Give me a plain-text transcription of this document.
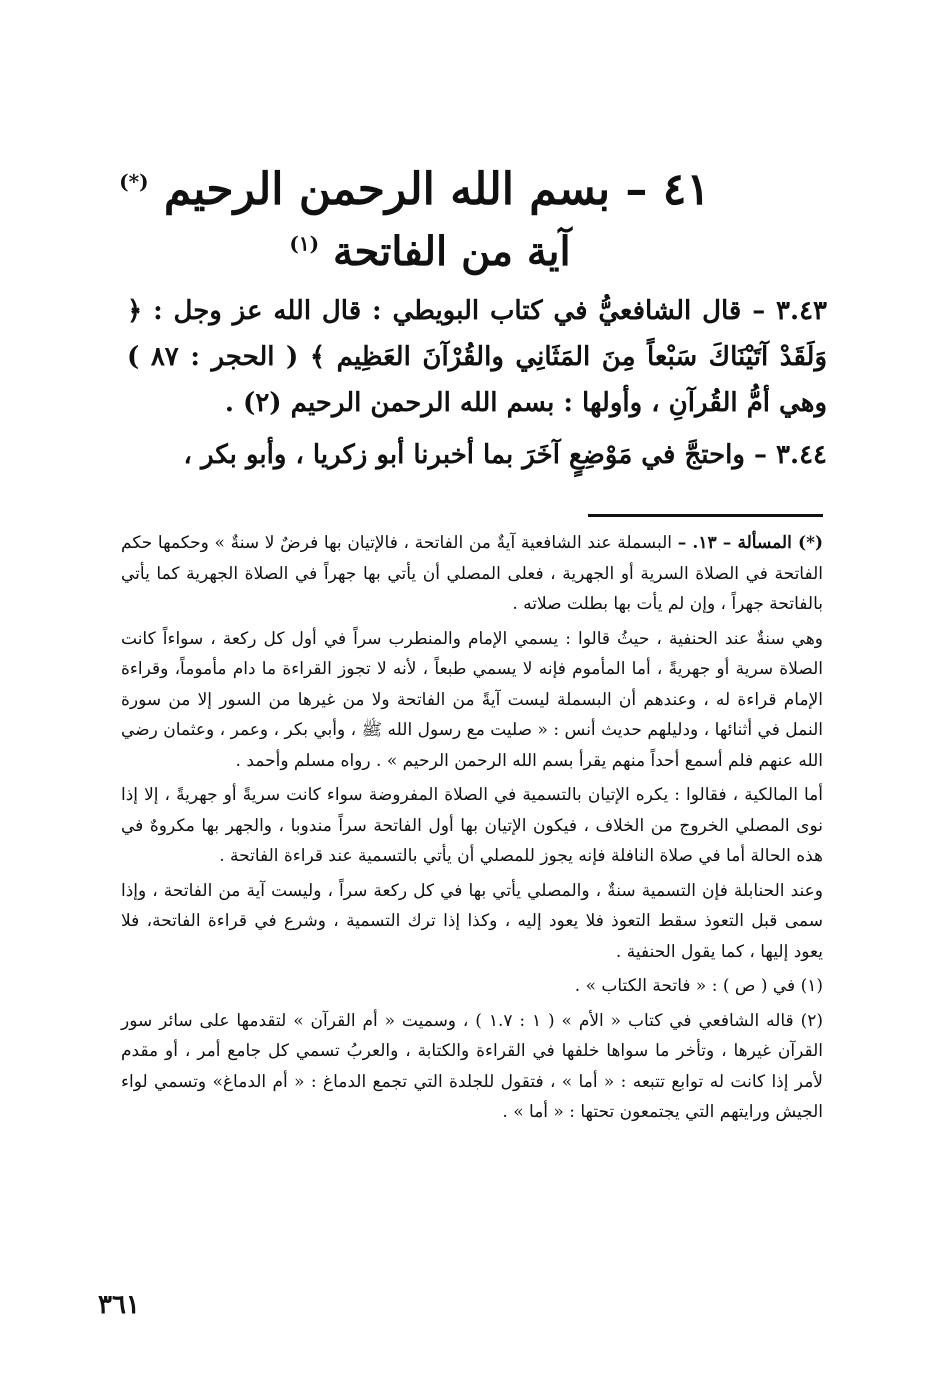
٤١ – بسم الله الرحمن الرحيم (*)
آية من الفاتحة $^{(١)}$

٣.٤٣ – قال الشافعيُّ في كتاب البويطي : قال الله عز وجل : ﴿ وَلَقَدْ آتَيْنَاكَ سَبْعاً مِنَ المَثَانِي والقُرْآنَ العَظِيم ﴾ ( الحجر : ٨٧ ) وهي أمُّ القُرآنِ ، وأولها : بسم الله الرحمن الرحيم (٢) .

٣.٤٤ – واحتجَّ في مَوْضِعٍ آخَرَ بما أخبرنا أبو زكريا ، وأبو بكر ،

(*) المسألة – ١٣. – البسملة عند الشافعية آيةٌ من الفاتحة ، فالإتيان بها فرضٌ لا سنةٌ » وحكمها حكم الفاتحة في الصلاة السرية أو الجهرية ، فعلى المصلي أن يأتي بها جهراً في الصلاة الجهرية كما يأتي بالفاتحة جهراً ، وإن لم يأت بها بطلت صلاته .

وهي سنةٌ عند الحنفية ، حيثُ قالوا : يسمي الإمام والمنطرب سراً في أول كل ركعة ، سواءاً كانت الصلاة سرية أو جهريةً ، أما المأموم فإنه لا يسمي طبعاً ، لأنه لا تجوز القراءة ما دام مأموماً، وقراءة الإمام قراءة له ، وعندهم أن البسملة ليست آيةً من الفاتحة ولا من غيرها من السور إلا من سورة النمل في أثنائها ، ودليلهم حديث أنس : « صليت مع رسول الله ﷺ ، وأبي بكر ، وعمر ، وعثمان رضي الله عنهم فلم أسمع أحداً منهم يقرأ بسم الله الرحمن الرحيم » . رواه مسلم وأحمد .

أما المالكية ، فقالوا : يكره الإتيان بالتسمية في الصلاة المفروضة سواء كانت سريةً أو جهريةً ، إلا إذا نوى المصلي الخروج من الخلاف ، فيكون الإتيان بها أول الفاتحة سراً مندوبا ، والجهر بها مكروهٌ في هذه الحالة أما في صلاة النافلة فإنه يجوز للمصلي أن يأتي بالتسمية عند قراءة الفاتحة .

وعند الحنابلة فإن التسمية سنةٌ ، والمصلي يأتي بها في كل ركعة سراً ، وليست آية من الفاتحة ، وإذا سمى قبل التعوذ سقط التعوذ فلا يعود إليه ، وكذا إذا ترك التسمية ، وشرع في قراءة الفاتحة، فلا يعود إليها ، كما يقول الحنفية .

(١) في ( ص ) : « فاتحة الكتاب » .

(٢) قاله الشافعي في كتاب « الأم » ( ١ : ١.٧ ) ، وسميت « أم القرآن » لتقدمها على سائر سور القرآن غيرها ، وتأخر ما سواها خلفها في القراءة والكتابة ، والعربُ تسمي كل جامع أمر ، أو مقدم لأمر إذا كانت له توابع تتبعه : « أما » ، فتقول للجلدة التي تجمع الدماغ : « أم الدماغ» وتسمي لواء الجيش ورايتهم التي يجتمعون تحتها : « أما » .

٣٦١
